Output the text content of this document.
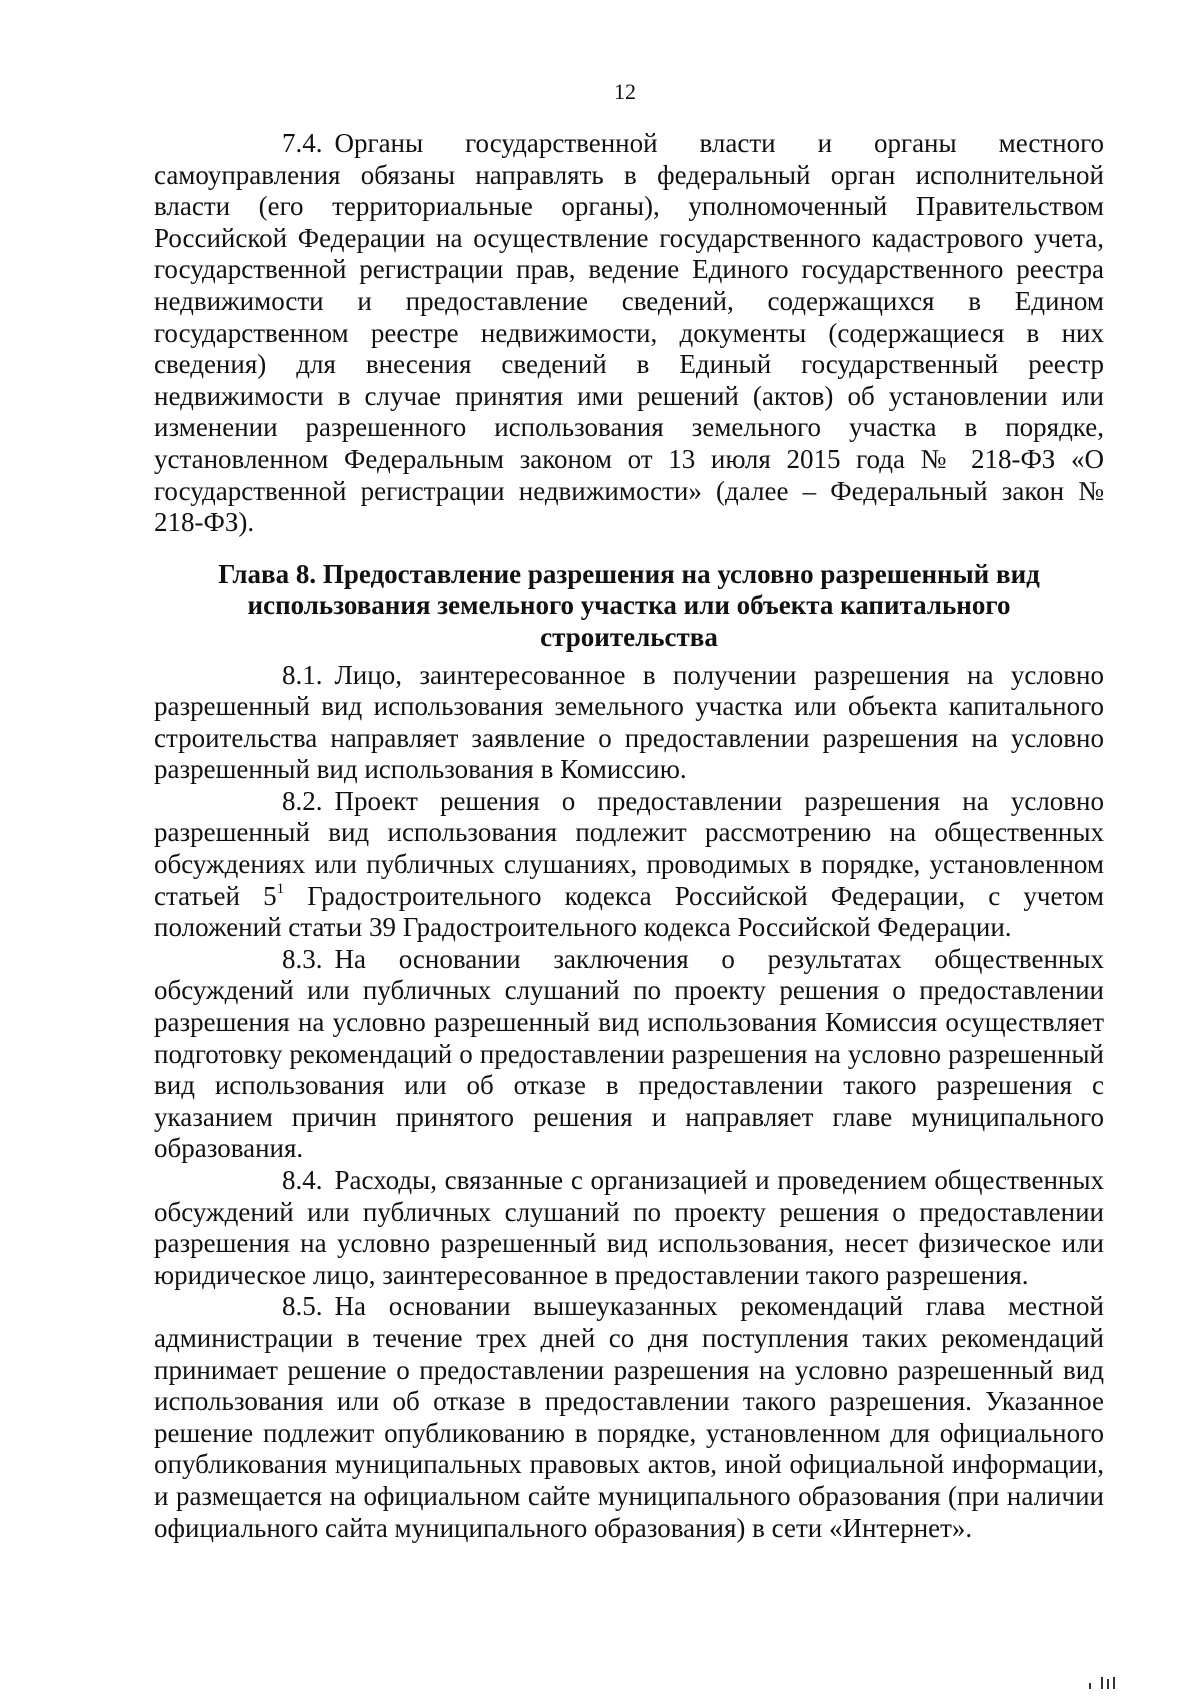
12

7.4. Органы государственной власти и органы местного самоуправления обязаны направлять в федеральный орган исполнительной власти (его территориальные органы), уполномоченный Правительством Российской Федерации на осуществление государственного кадастрового учета, государственной регистрации прав, ведение Единого государственного реестра недвижимости и предоставление сведений, содержащихся в Едином государственном реестре недвижимости, документы (содержащиеся в них сведения) для внесения сведений в Единый государственный реестр недвижимости в случае принятия ими решений (актов) об установлении или изменении разрешенного использования земельного участка в порядке, установленном Федеральным законом от 13 июля 2015 года № 218-ФЗ «О государственной регистрации недвижимости» (далее – Федеральный закон № 218-ФЗ).

Глава 8. Предоставление разрешения на условно разрешенный вид использования земельного участка или объекта капитального строительства

8.1. Лицо, заинтересованное в получении разрешения на условно разрешенный вид использования земельного участка или объекта капитального строительства направляет заявление о предоставлении разрешения на условно разрешенный вид использования в Комиссию.

8.2. Проект решения о предоставлении разрешения на условно разрешенный вид использования подлежит рассмотрению на общественных обсуждениях или публичных слушаниях, проводимых в порядке, установленном статьей $5^1$ Градостроительного кодекса Российской Федерации, с учетом положений статьи 39 Градостроительного кодекса Российской Федерации.

8.3. На основании заключения о результатах общественных обсуждений или публичных слушаний по проекту решения о предоставлении разрешения на условно разрешенный вид использования Комиссия осуществляет подготовку рекомендаций о предоставлении разрешения на условно разрешенный вид использования или об отказе в предоставлении такого разрешения с указанием причин принятого решения и направляет главе муниципального образования.

8.4. Расходы, связанные с организацией и проведением общественных обсуждений или публичных слушаний по проекту решения о предоставлении разрешения на условно разрешенный вид использования, несет физическое или юридическое лицо, заинтересованное в предоставлении такого разрешения.

8.5. На основании вышеуказанных рекомендаций глава местной администрации в течение трех дней со дня поступления таких рекомендаций принимает решение о предоставлении разрешения на условно разрешенный вид использования или об отказе в предоставлении такого разрешения. Указанное решение подлежит опубликованию в порядке, установленном для официального опубликования муниципальных правовых актов, иной официальной информации, и размещается на официальном сайте муниципального образования (при наличии официального сайта муниципального образования) в сети «Интернет».
